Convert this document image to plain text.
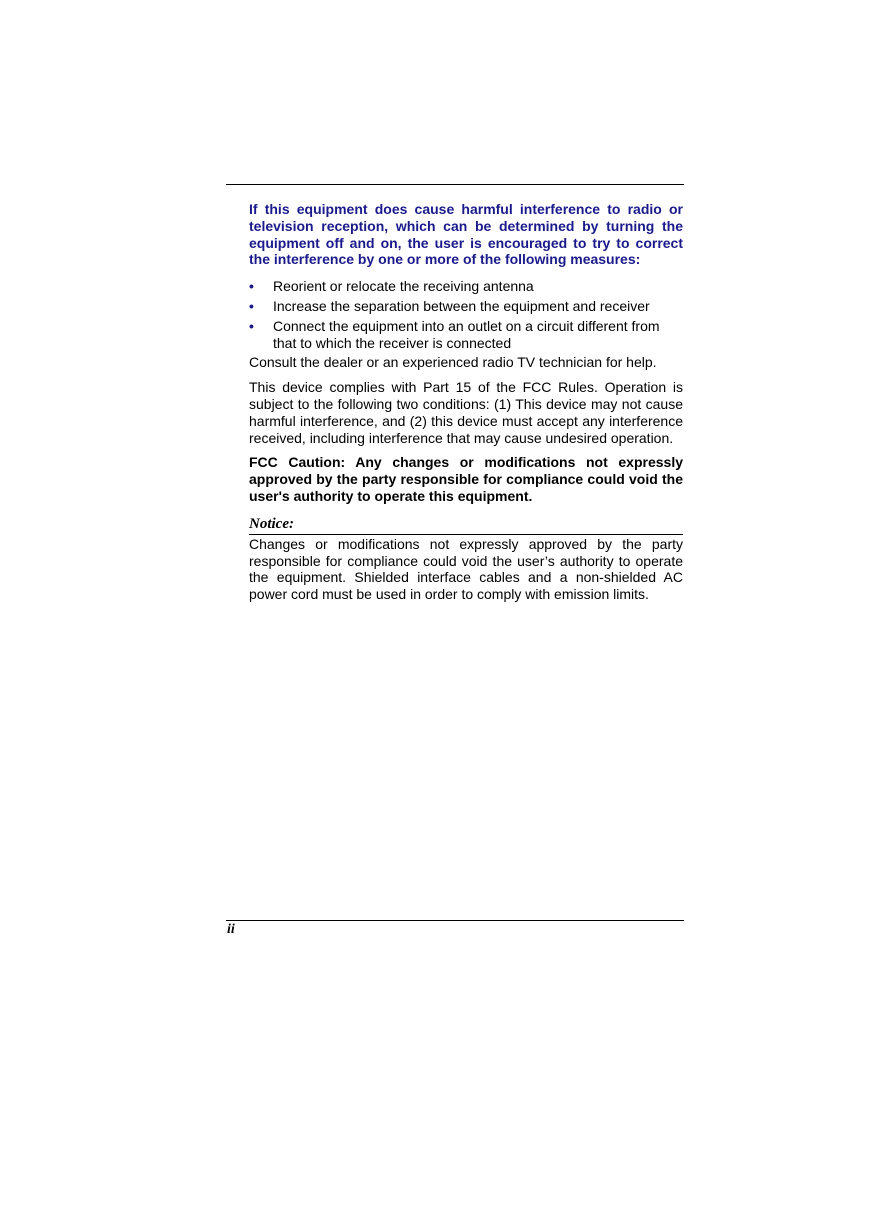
If this equipment does cause harmful interference to radio or television reception, which can be determined by turning the equipment off and on, the user is encouraged to try to correct the interference by one or more of the following measures:

• Reorient or relocate the receiving antenna
• Increase the separation between the equipment and receiver
• Connect the equipment into an outlet on a circuit different from that to which the receiver is connected

Consult the dealer or an experienced radio TV technician for help.

This device complies with Part 15 of the FCC Rules. Operation is subject to the following two conditions: (1) This device may not cause harmful interference, and (2) this device must accept any interference received, including interference that may cause undesired operation.

FCC Caution: Any changes or modifications not expressly approved by the party responsible for compliance could void the user's authority to operate this equipment.

Notice:

Changes or modifications not expressly approved by the party responsible for compliance could void the user’s authority to operate the equipment. Shielded interface cables and a non-shielded AC power cord must be used in order to comply with emission limits.

ii
